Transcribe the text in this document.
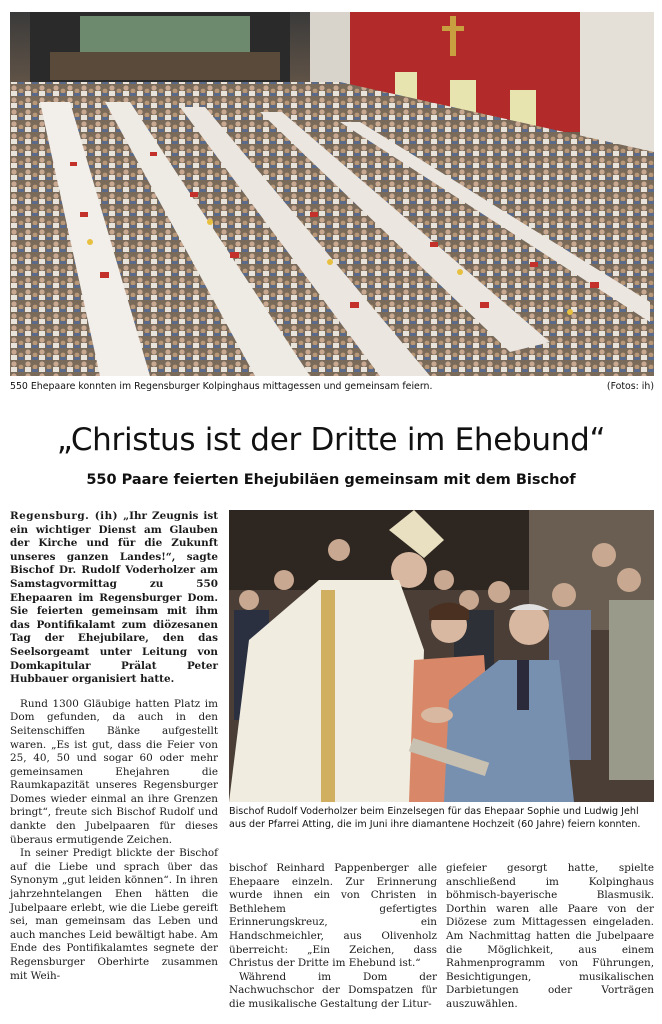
550 Ehepaare konnten im Regensburger Kolpinghaus mittagessen und gemeinsam feiern.	(Fotos: ih)
„Christus ist der Dritte im Ehebund“
550 Paare feierten Ehejubiläen gemeinsam mit dem Bischof

Regensburg. (ih) „Ihr Zeugnis ist ein wichtiger Dienst am Glauben der Kirche und für die Zukunft unseres ganzen Landes!“, sagte Bischof Dr. Rudolf Voderholzer am Samstagvormittag zu 550 Ehepaaren im Regensburger Dom. Sie feierten gemeinsam mit ihm das Pontifikalamt zum diözesanen Tag der Ehejubilare, den das Seelsorgeamt unter Leitung von Domkapitular Prälat Peter Hubbauer organisiert hatte.

Rund 1300 Gläubige hatten Platz im Dom gefunden, da auch in den Seitenschiffen Bänke aufgestellt waren. „Es ist gut, dass die Feier von 25, 40, 50 und sogar 60 oder mehr gemeinsamen Ehejahren die Raumkapazität unseres Regensburger Domes wieder einmal an ihre Grenzen bringt“, freute sich Bischof Rudolf und dankte den Jubelpaaren für dieses überaus ermutigende Zeichen.

In seiner Predigt blickte der Bischof auf die Liebe und sprach über das Synonym „gut leiden können“. In ihren jahrzehntelangen Ehen hätten die Jubelpaare erlebt, wie die Liebe gereift sei, man gemeinsam das Leben und auch manches Leid bewältigt habe. Am Ende des Pontifikalamtes segnete der Regensburger Oberhirte zusammen mit Weih-

Bischof Rudolf Voderholzer beim Einzelsegen für das Ehepaar Sophie und Ludwig Jehl aus der Pfarrei Atting, die im Juni ihre diamantene Hochzeit (60 Jahre) feiern konnten.

bischof Reinhard Pappenberger alle Ehepaare einzeln. Zur Erinnerung wurde ihnen ein von Christen in Bethlehem gefertigtes Erinnerungskreuz, ein Handschmeichler, aus Olivenholz überreicht: „Ein Zeichen, dass Christus der Dritte im Ehebund ist.“

Während im Dom der Nachwuchschor der Domspatzen für die musikalische Gestaltung der Litur-

giefeier gesorgt hatte, spielte anschließend im Kolpinghaus böhmisch-bayerische Blasmusik. Dorthin waren alle Paare von der Diözese zum Mittagessen eingeladen. Am Nachmittag hatten die Jubelpaare die Möglichkeit, aus einem Rahmenprogramm von Führungen, Besichtigungen, musikalischen Darbietungen oder Vorträgen auszuwählen.
